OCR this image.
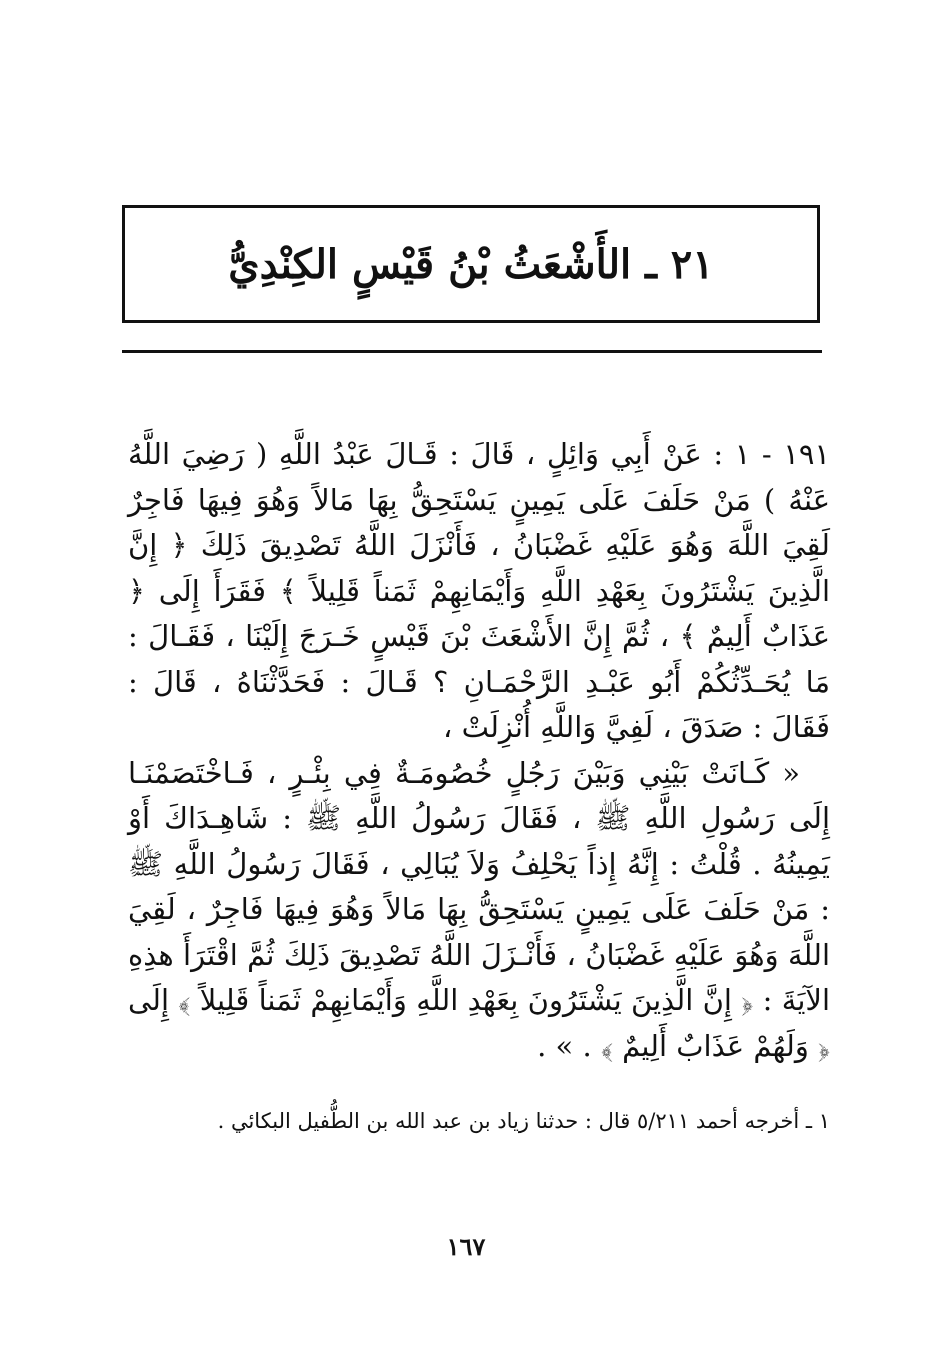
٢١ ـ الأَشْعَثُ بْنُ قَيْسٍ الكِنْدِيُّ

١٩١ - ١ : عَنْ أَبِي وَائِلٍ ، قَالَ : قَـالَ عَبْدُ اللَّهِ ( رَضِيَ اللَّهُ عَنْهُ ) مَنْ حَلَفَ عَلَى يَمِينٍ يَسْتَحِقُّ بِهَا مَالاً وَهُوَ فِيهَا فَاجِرٌ لَقِيَ اللَّهَ وَهُوَ عَلَيْهِ غَضْبَانُ ، فَأَنْزَلَ اللَّهُ تَصْدِيقَ ذَلِكَ ﴿ إِنَّ الَّذِينَ يَشْتَرُونَ بِعَهْدِ اللَّهِ وَأَيْمَانِهِمْ ثَمَناً قَلِيلاً ﴾ فَقَرَأَ إِلَى ﴿ عَذَابٌ أَلِيمٌ ﴾ ، ثُمَّ إِنَّ الأَشْعَثَ بْنَ قَيْسٍ خَـرَجَ إِلَيْنَا ، فَقَـالَ : مَا يُحَـدِّثُكُمْ أَبُو عَبْـدِ الرَّحْمَـانِ ؟ قَـالَ : فَحَدَّثْنَاهُ ، قَالَ : فَقَالَ : صَدَقَ ، لَفِيَّ وَاللَّهِ أُنْزِلَتْ ،

« كَـانَتْ بَيْنِي وَبَيْنَ رَجُلٍ خُصُومَـةٌ فِي بِئْـرٍ ، فَـاخْتَصَمْنَـا إِلَى رَسُولِ اللَّهِ ﷺ ، فَقَالَ رَسُولُ اللَّهِ ﷺ : شَاهِـدَاكَ أَوْ يَمِينُهُ . قُلْتُ : إِنَّهُ إِذاً يَحْلِفُ وَلاَ يُبَالِي ، فَقَالَ رَسُولُ اللَّهِ ﷺ : مَنْ حَلَفَ عَلَى يَمِينٍ يَسْتَحِقُّ بِهَا مَالاً وَهُوَ فِيهَا فَاجِرٌ ، لَقِيَ اللَّهَ وَهُوَ عَلَيْهِ غَضْبَانُ ، فَأَنْـزَلَ اللَّهُ تَصْدِيقَ ذَلِكَ ثُمَّ اقْتَرَأَ هذِهِ الآيَةَ : ﴿ إِنَّ الَّذِينَ يَشْتَرُونَ بِعَهْدِ اللَّهِ وَأَيْمَانِهِمْ ثَمَناً قَلِيلاً ﴾ إِلَى ﴿ وَلَهُمْ عَذَابٌ أَلِيمٌ ﴾ . » .

١ ـ أخرجه أحمد ٥/٢١١ قال : حدثنا زياد بن عبد الله بن الطُّفيل البكائي .
١٦٧
